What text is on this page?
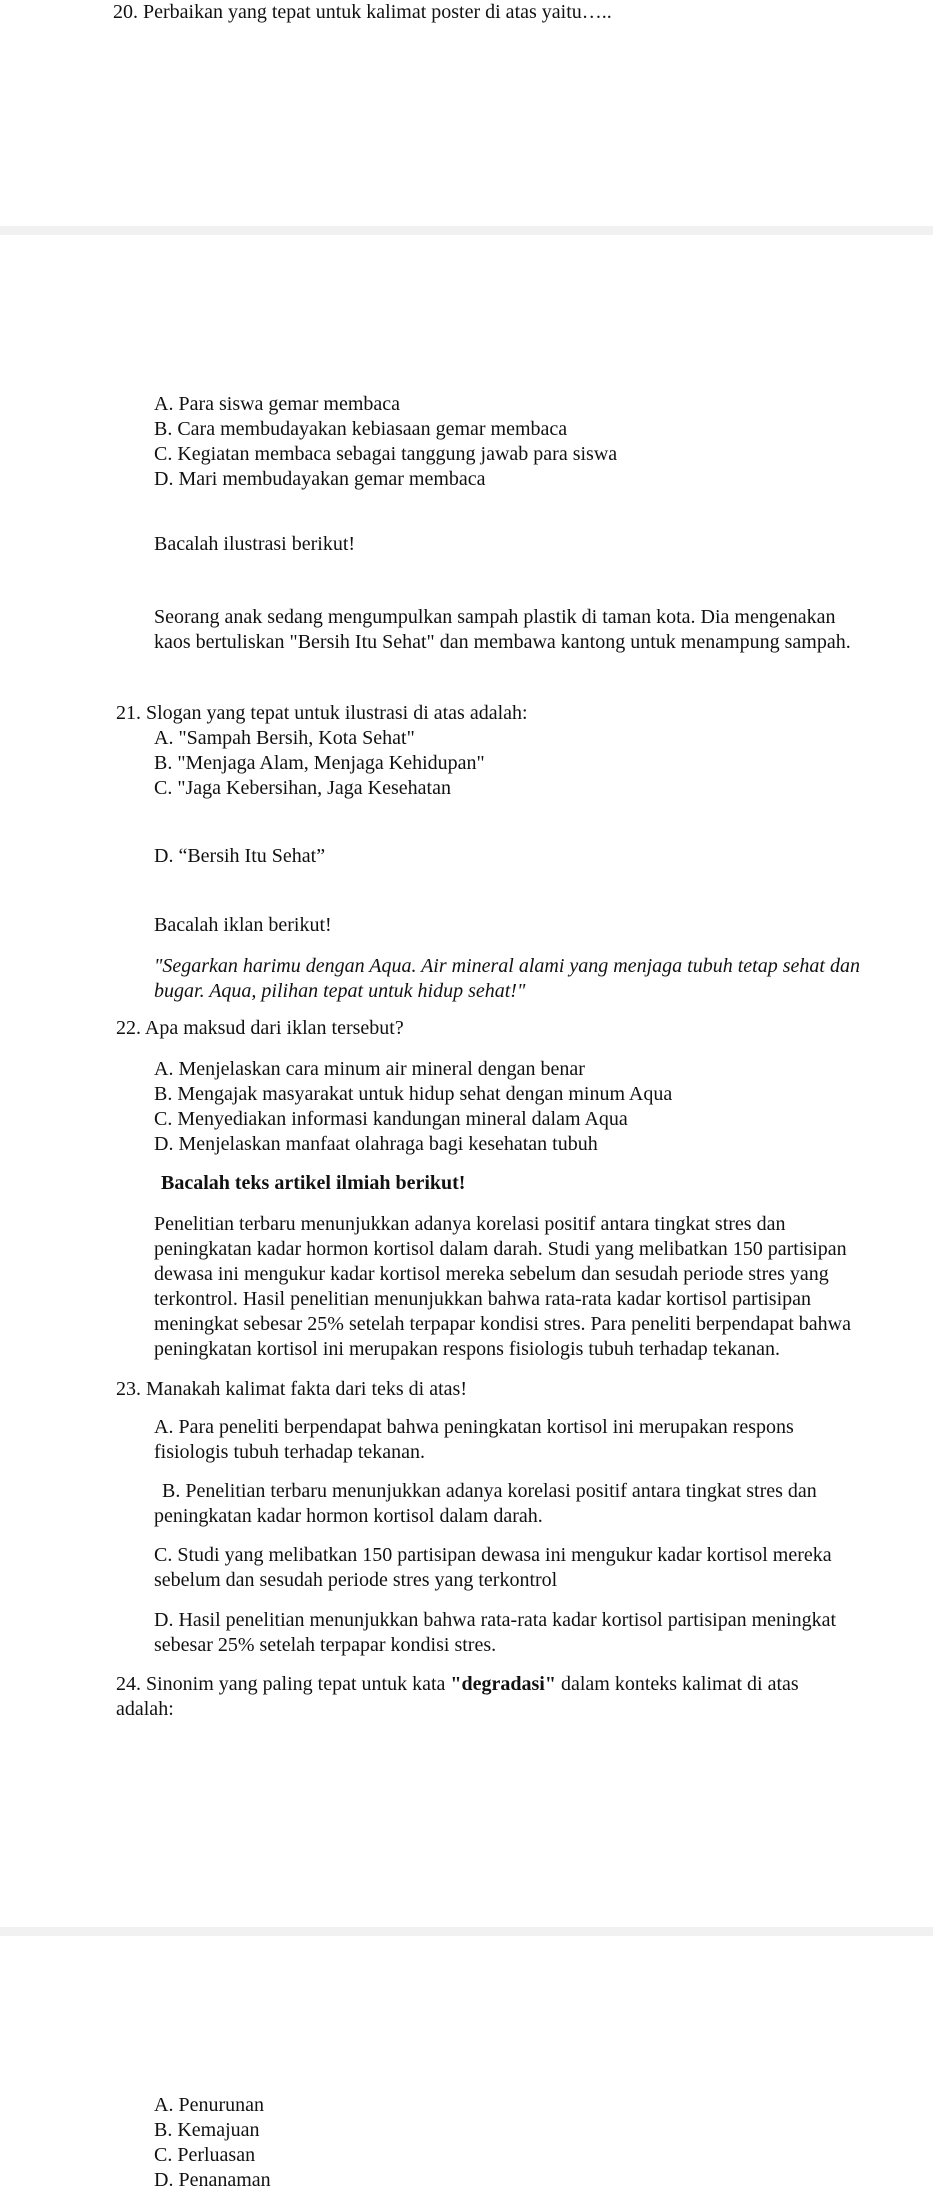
20. Perbaikan yang tepat untuk kalimat poster di atas yaitu…..
A. Para siswa gemar membaca
B. Cara membudayakan kebiasaan gemar membaca
C. Kegiatan membaca sebagai tanggung jawab para siswa
D. Mari membudayakan gemar membaca
Bacalah ilustrasi berikut!
Seorang anak sedang mengumpulkan sampah plastik di taman kota. Dia mengenakan
kaos bertuliskan "Bersih Itu Sehat" dan membawa kantong untuk menampung sampah.
21. Slogan yang tepat untuk ilustrasi di atas adalah:
A. "Sampah Bersih, Kota Sehat"
B. "Menjaga Alam, Menjaga Kehidupan"
C. "Jaga Kebersihan, Jaga Kesehatan
D. “Bersih Itu Sehat”
Bacalah iklan berikut!
"Segarkan harimu dengan Aqua. Air mineral alami yang menjaga tubuh tetap sehat dan
bugar. Aqua, pilihan tepat untuk hidup sehat!"
22. Apa maksud dari iklan tersebut?
A. Menjelaskan cara minum air mineral dengan benar
B. Mengajak masyarakat untuk hidup sehat dengan minum Aqua
C. Menyediakan informasi kandungan mineral dalam Aqua
D. Menjelaskan manfaat olahraga bagi kesehatan tubuh
Bacalah teks artikel ilmiah berikut!
Penelitian terbaru menunjukkan adanya korelasi positif antara tingkat stres dan
peningkatan kadar hormon kortisol dalam darah. Studi yang melibatkan 150 partisipan
dewasa ini mengukur kadar kortisol mereka sebelum dan sesudah periode stres yang
terkontrol. Hasil penelitian menunjukkan bahwa rata-rata kadar kortisol partisipan
meningkat sebesar 25% setelah terpapar kondisi stres. Para peneliti berpendapat bahwa
peningkatan kortisol ini merupakan respons fisiologis tubuh terhadap tekanan.
23. Manakah kalimat fakta dari teks di atas!
A. Para peneliti berpendapat bahwa peningkatan kortisol ini merupakan respons
fisiologis tubuh terhadap tekanan.
B. Penelitian terbaru menunjukkan adanya korelasi positif antara tingkat stres dan
peningkatan kadar hormon kortisol dalam darah.
C. Studi yang melibatkan 150 partisipan dewasa ini mengukur kadar kortisol mereka
sebelum dan sesudah periode stres yang terkontrol
D. Hasil penelitian menunjukkan bahwa rata-rata kadar kortisol partisipan meningkat
sebesar 25% setelah terpapar kondisi stres.
24. Sinonim yang paling tepat untuk kata "degradasi" dalam konteks kalimat di atas
adalah:
A. Penurunan
B. Kemajuan
C. Perluasan
D. Penanaman
